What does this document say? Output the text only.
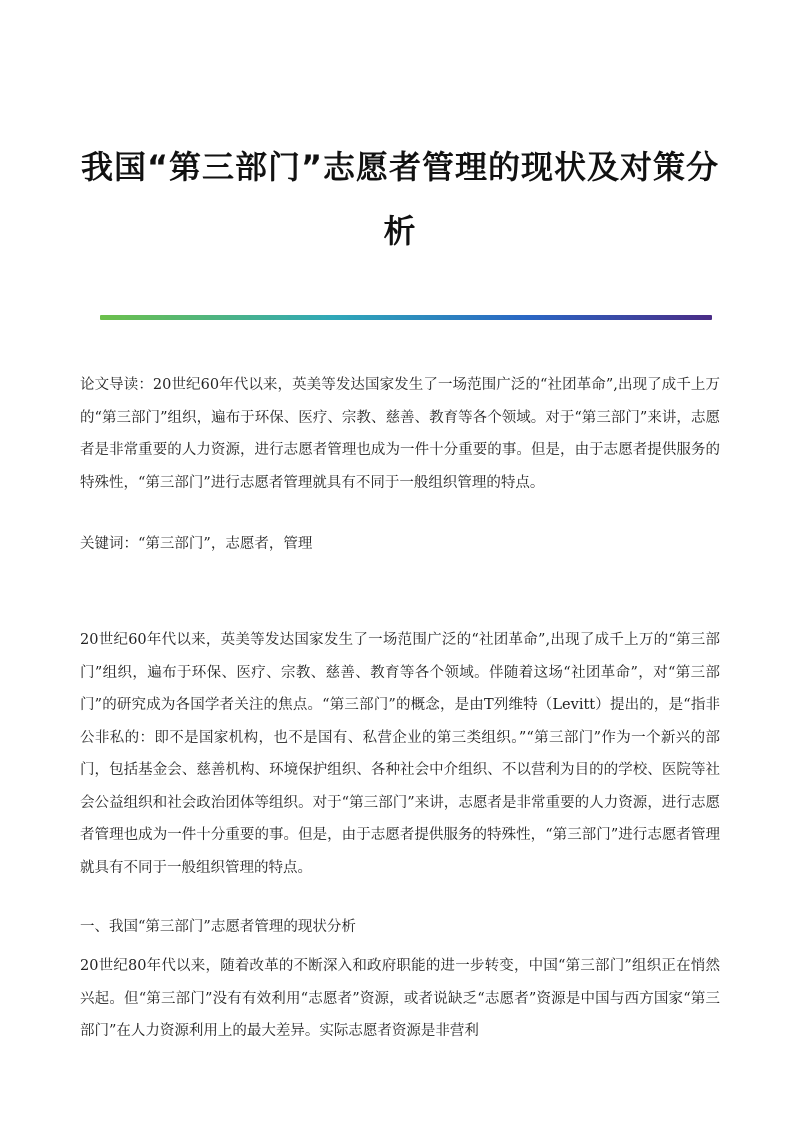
我国“第三部门”志愿者管理的现状及对策分析

论文导读：20世纪60年代以来，英美等发达国家发生了一场范围广泛的“社团革命”,出现了成千上万的“第三部门”组织，遍布于环保、医疗、宗教、慈善、教育等各个领域。对于“第三部门”来讲，志愿者是非常重要的人力资源，进行志愿者管理也成为一件十分重要的事。但是，由于志愿者提供服务的特殊性，“第三部门”进行志愿者管理就具有不同于一般组织管理的特点。

关键词：“第三部门”，志愿者，管理

20世纪60年代以来，英美等发达国家发生了一场范围广泛的“社团革命”,出现了成千上万的“第三部门”组织，遍布于环保、医疗、宗教、慈善、教育等各个领域。伴随着这场“社团革命”，对“第三部门”的研究成为各国学者关注的焦点。“第三部门”的概念，是由T列维特（Levitt）提出的，是“指非公非私的：即不是国家机构，也不是国有、私营企业的第三类组织。”“第三部门”作为一个新兴的部门，包括基金会、慈善机构、环境保护组织、各种社会中介组织、不以营利为目的的学校、医院等社会公益组织和社会政治团体等组织。对于“第三部门”来讲，志愿者是非常重要的人力资源，进行志愿者管理也成为一件十分重要的事。但是，由于志愿者提供服务的特殊性，“第三部门”进行志愿者管理就具有不同于一般组织管理的特点。

一、我国“第三部门”志愿者管理的现状分析

20世纪80年代以来，随着改革的不断深入和政府职能的进一步转变，中国“第三部门”组织正在悄然兴起。但“第三部门”没有有效利用“志愿者”资源，或者说缺乏“志愿者”资源是中国与西方国家“第三部门”在人力资源利用上的最大差异。实际志愿者资源是非营利
